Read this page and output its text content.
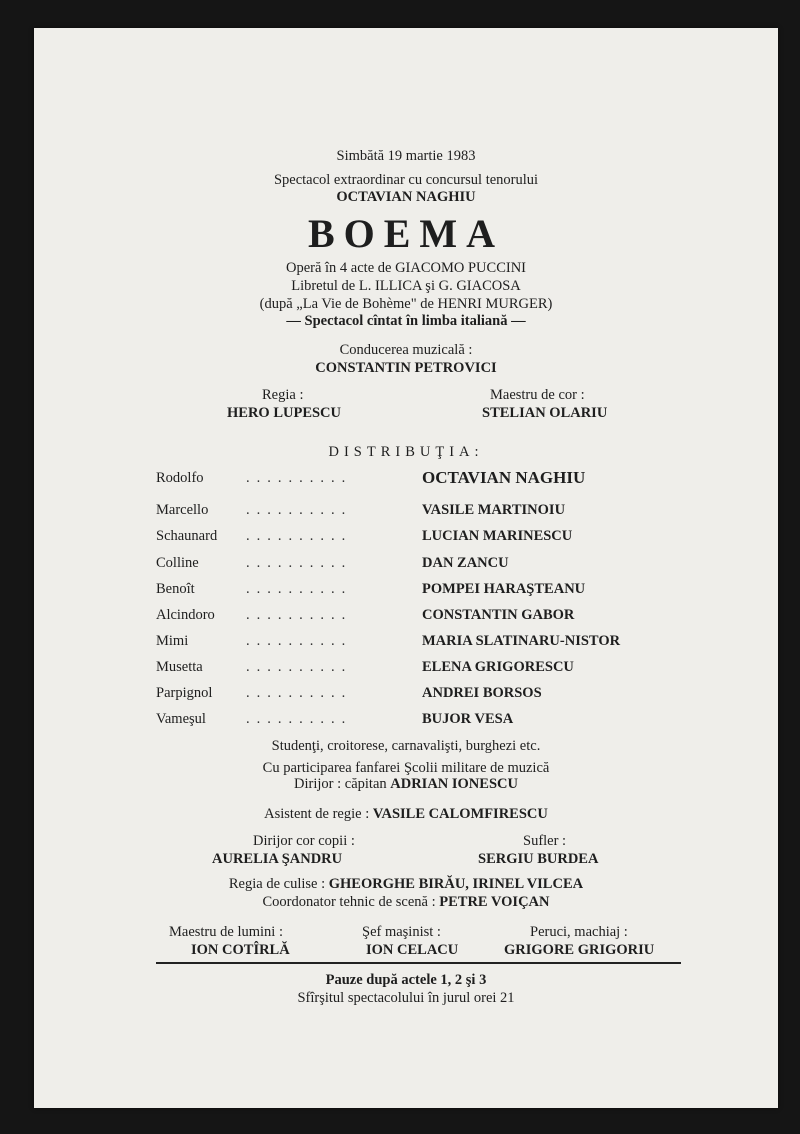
Simbătă 19 martie 1983
Spectacol extraordinar cu concursul tenorului
OCTAVIAN NAGHIU
BOEMA
Operă în 4 acte de GIACOMO PUCCINI
Libretul de L. ILLICA şi G. GIACOSA
(după „La Vie de Bohème" de HENRI MURGER)
— Spectacol cîntat în limba italiană —
Conducerea muzicală :
CONSTANTIN PETROVICI
Regia :
HERO LUPESCU
Maestru de cor :
STELIAN OLARIU
DISTRIBUŢIA:
Rodolfo	..........	OCTAVIAN NAGHIU
Marcello	..........	VASILE MARTINOIU
Schaunard ..........	LUCIAN MARINESCU
Colline	..........	DAN ZANCU
Benoît	..........	POMPEI HARAŞTEANU
Alcindoro ..........	CONSTANTIN GABOR
Mimi	..........	MARIA SLATINARU-NISTOR
Musetta	..........	ELENA GRIGORESCU
Parpignol ..........	ANDREI BORSOS
Vameşul	..........	BUJOR VESA
Studenţi, croitorese, carnavalişti, burghezi etc.
Cu participarea fanfarei Şcolii militare de muzică
Dirijor : căpitan ADRIAN IONESCU
Asistent de regie : VASILE CALOMFIRESCU
Dirijor cor copii :
AURELIA ŞANDRU
Sufler :
SERGIU BURDEA
Regia de culise : GHEORGHE BIRĂU, IRINEL VILCEA
Coordonator tehnic de scenă : PETRE VOIÇAN
Maestru de lumini :
ION COTÎRLĂ
Şef maşinist :
ION CELACU
Peruci, machiaj :
GRIGORE GRIGORIU
Pauze după actele 1, 2 şi 3
Sfîrşitul spectacolului în jurul orei 21
